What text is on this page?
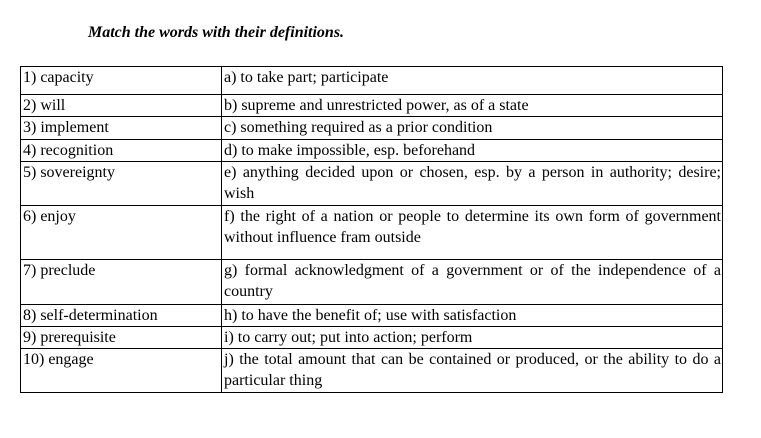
Match the words with their definitions.
1) capacity	a) to take part; participate
2) will	b) supreme and unrestricted power, as of a state
3) implement	c) something required as a prior condition
4) recognition	d) to make impossible, esp. beforehand
5) sovereignty	e) anything decided upon or chosen, esp. by a person in authority; desire; wish
6) enjoy	f) the right of a nation or people to determine its own form of government without influence fram outside
7) preclude	g) formal acknowledgment of a government or of the independence of a country
8) self-determination	h) to have the benefit of; use with satisfaction
9) prerequisite	i) to carry out; put into action; perform
10) engage	j) the total amount that can be contained or produced, or the ability to do a particular thing
